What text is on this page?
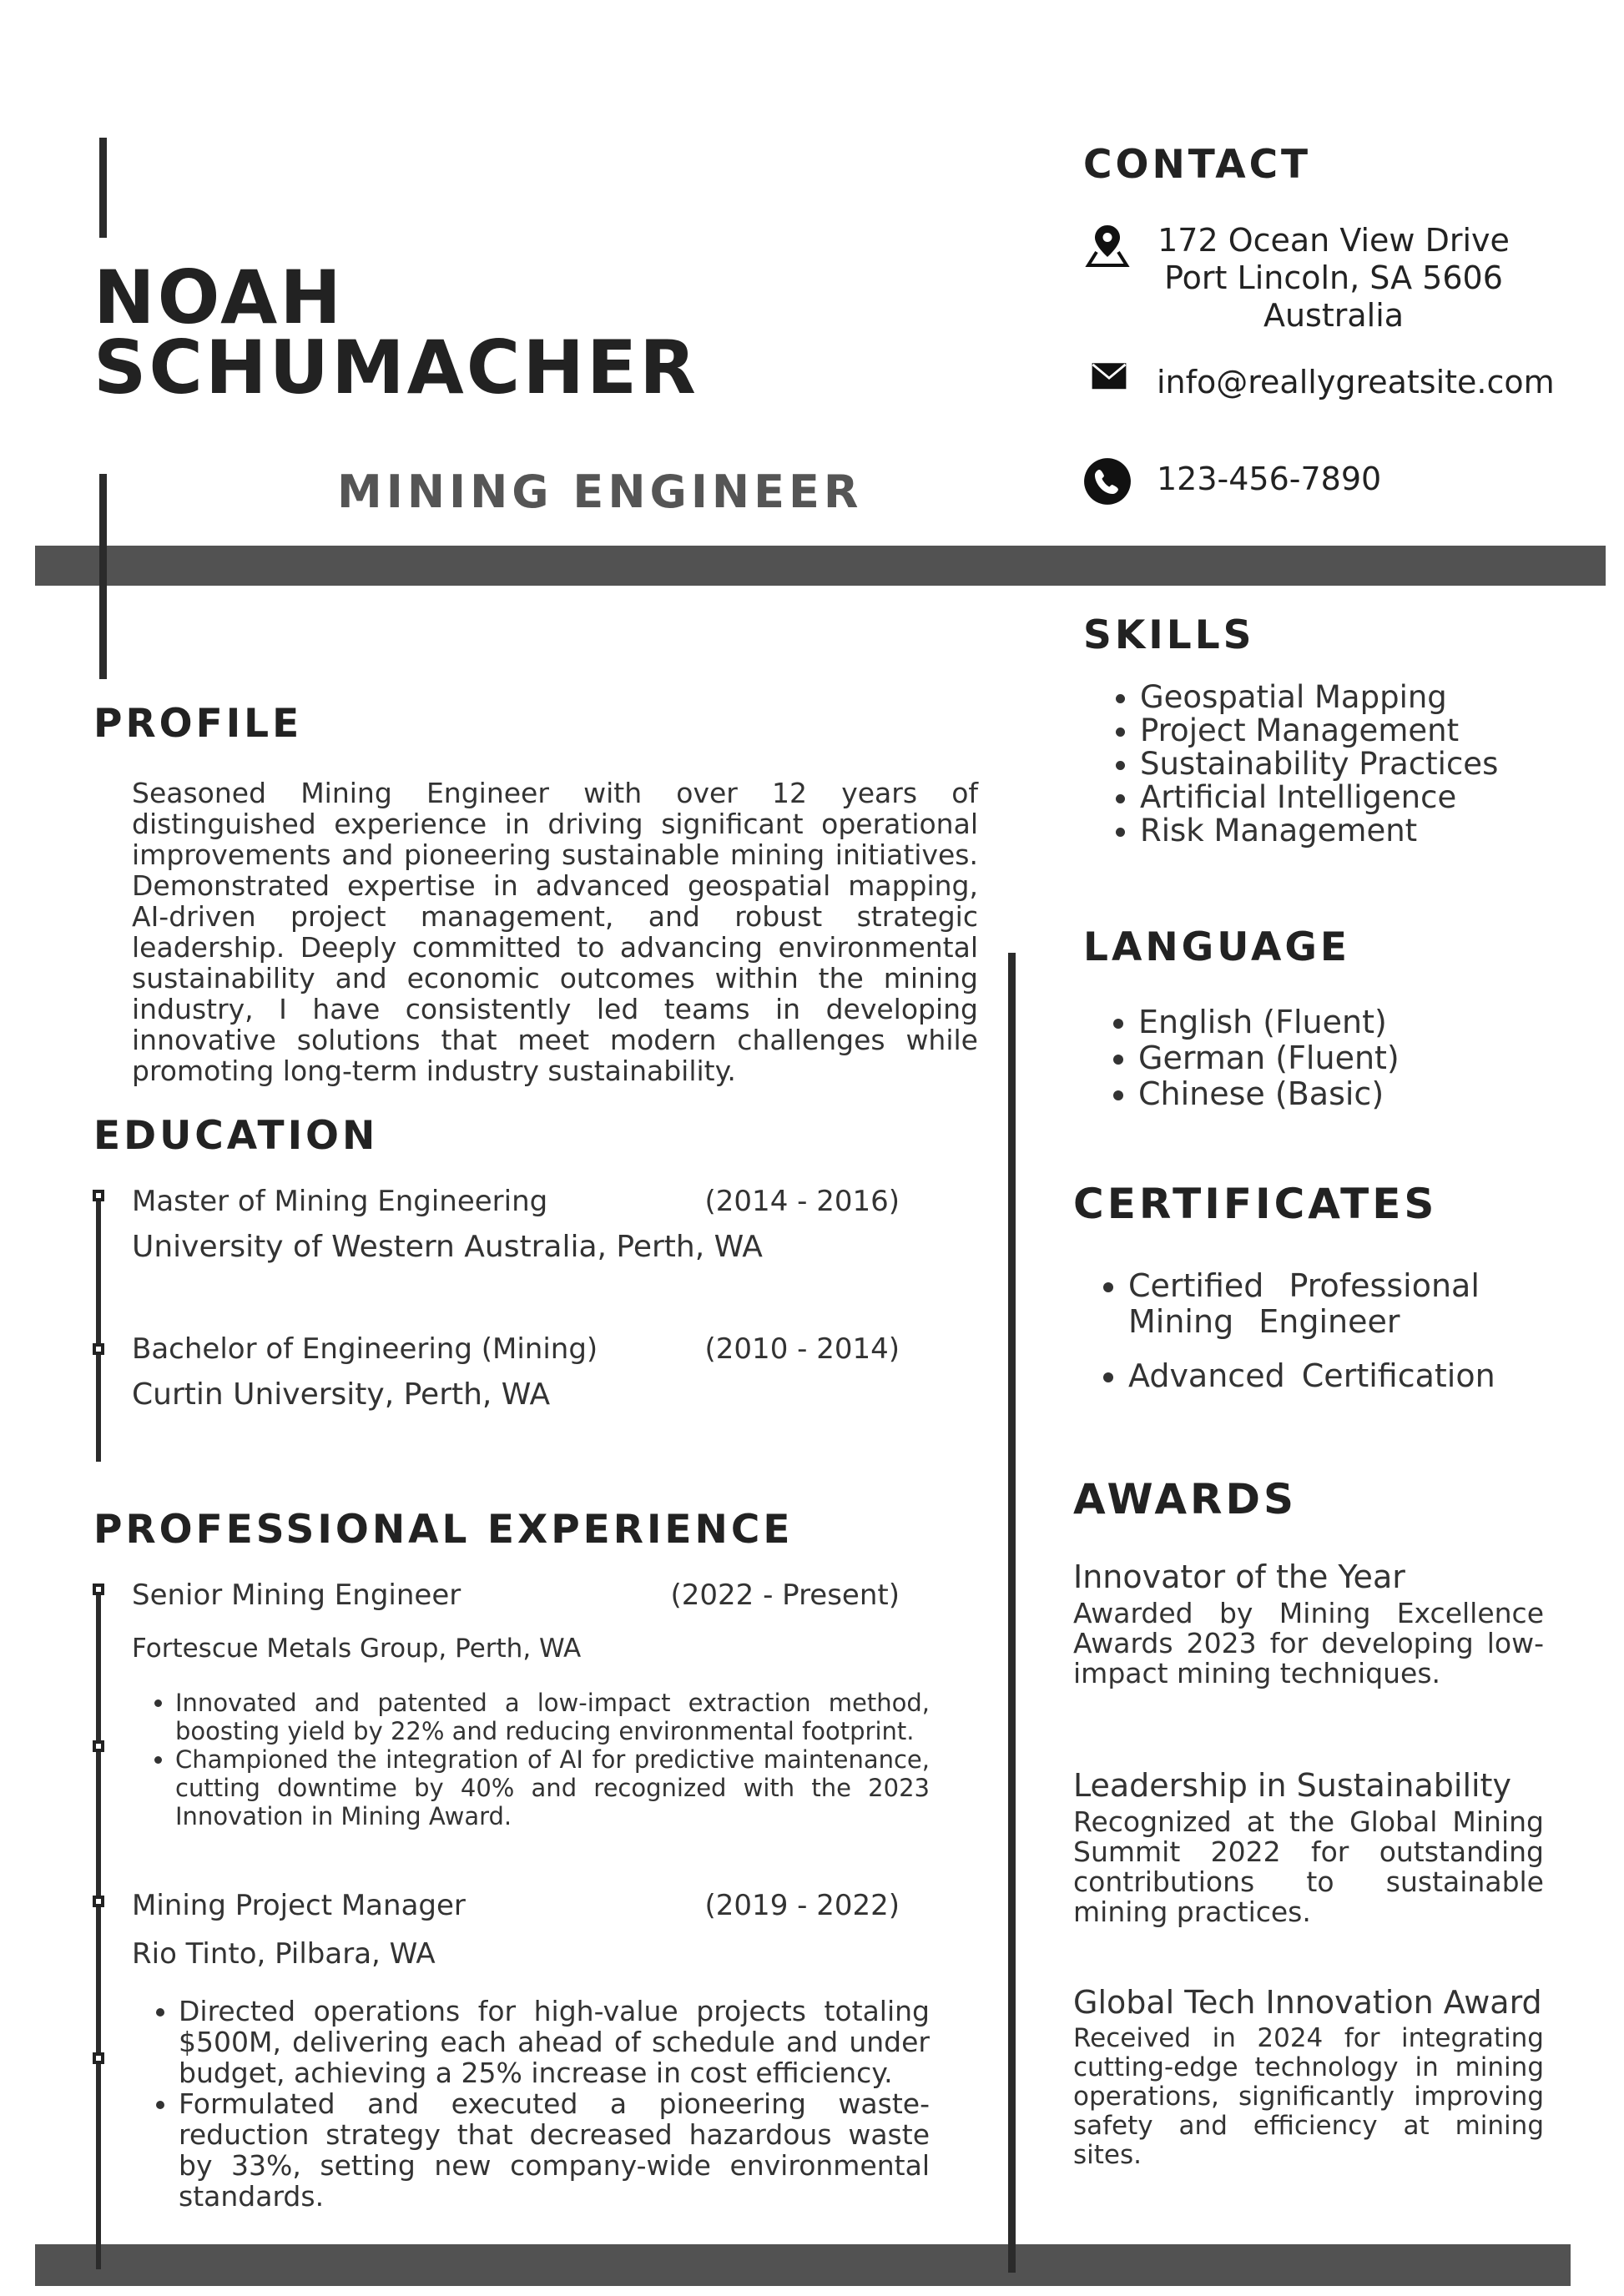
NOAH
SCHUMACHER
MINING ENGINEER
CONTACT
172 Ocean View Drive
Port Lincoln, SA 5606
Australia
info@reallygreatsite.com
123-456-7890
PROFILE
Seasoned Mining Engineer with over 12 years of distinguished experience in driving significant operational improvements and pioneering sustainable mining initiatives. Demonstrated expertise in advanced geospatial mapping, AI-driven project management, and robust strategic leadership. Deeply committed to advancing environmental sustainability and economic outcomes within the mining industry, I have consistently led teams in developing innovative solutions that meet modern challenges while promoting long-term industry sustainability.
EDUCATION
Master of Mining Engineering	(2014 - 2016)
University of Western Australia, Perth, WA
Bachelor of Engineering (Mining)	(2010 - 2014)
Curtin University, Perth, WA
PROFESSIONAL EXPERIENCE
Senior Mining Engineer	(2022 - Present)
Fortescue Metals Group, Perth, WA
• Innovated and patented a low-impact extraction method, boosting yield by 22% and reducing environmental footprint.
• Championed the integration of AI for predictive maintenance, cutting downtime by 40% and recognized with the 2023 Innovation in Mining Award.
Mining Project Manager	(2019 - 2022)
Rio Tinto, Pilbara, WA
• Directed operations for high-value projects totaling $500M, delivering each ahead of schedule and under budget, achieving a 25% increase in cost efficiency.
• Formulated and executed a pioneering waste-reduction strategy that decreased hazardous waste by 33%, setting new company-wide environmental standards.
SKILLS
• Geospatial Mapping
• Project Management
• Sustainability Practices
• Artificial Intelligence
• Risk Management
LANGUAGE
• English (Fluent)
• German (Fluent)
• Chinese (Basic)
CERTIFICATES
• Certified Professional Mining Engineer
• Advanced Certification
AWARDS
Innovator of the Year
Awarded by Mining Excellence Awards 2023 for developing low-impact mining techniques.
Leadership in Sustainability
Recognized at the Global Mining Summit 2022 for outstanding contributions to sustainable mining practices.
Global Tech Innovation Award
Received in 2024 for integrating cutting-edge technology in mining operations, significantly improving safety and efficiency at mining sites.
